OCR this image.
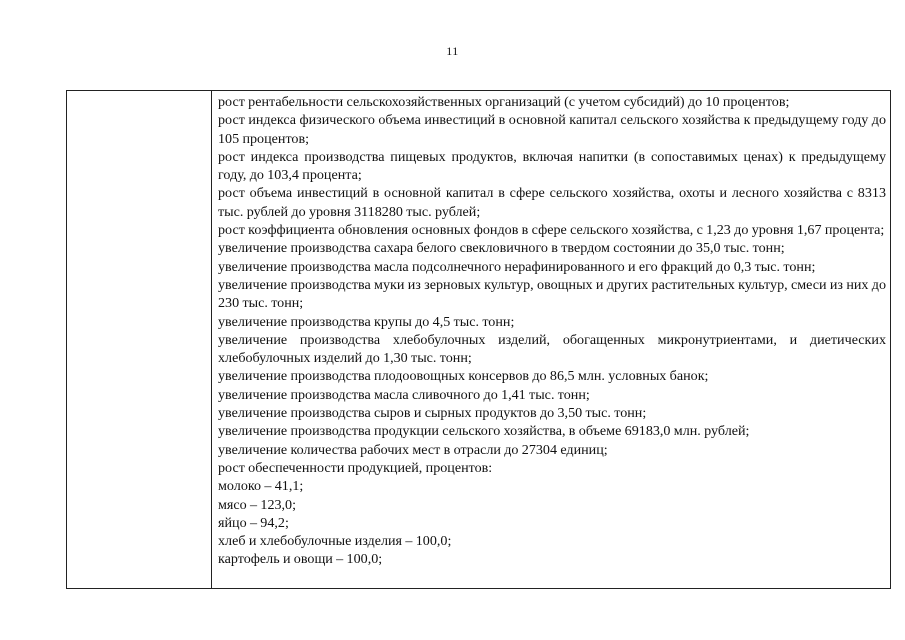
11

рост рентабельности сельскохозяйственных организаций (с учетом субсидий) до 10 процентов;

рост индекса физического объема инвестиций в основной капитал сельского хозяйства к предыдущему году до 105 процентов;

рост индекса производства пищевых продуктов, включая напитки (в сопоставимых ценах) к предыдущему году, до 103,4 процента;

рост объема инвестиций в основной капитал в сфере сельского хозяйства, охоты и лесного хозяйства с 8313 тыс. рублей до уровня 3118280 тыс. рублей;

рост коэффициента обновления основных фондов в сфере сельского хозяйства, с 1,23 до уровня 1,67 процента;

увеличение производства сахара белого свекловичного в твердом состоянии до 35,0 тыс. тонн;

увеличение производства масла подсолнечного нерафинированного и его фракций до 0,3 тыс. тонн;

увеличение производства муки из зерновых культур, овощных и других растительных культур, смеси из них до 230 тыс. тонн;

увеличение производства крупы до 4,5 тыс. тонн;

увеличение производства хлебобулочных изделий, обогащенных микронутриентами, и диетических хлебобулочных изделий до 1,30 тыс. тонн;

увеличение производства плодоовощных консервов до 86,5 млн. условных банок;

увеличение производства масла сливочного до 1,41 тыс. тонн;

увеличение производства сыров и сырных продуктов до 3,50 тыс. тонн;

увеличение производства продукции сельского хозяйства, в объеме 69183,0 млн. рублей;

увеличение количества рабочих мест в отрасли до 27304 единиц;

рост обеспеченности продукцией, процентов:

молоко – 41,1;

мясо – 123,0;

яйцо – 94,2;

хлеб и хлебобулочные изделия – 100,0;

картофель и овощи – 100,0;
